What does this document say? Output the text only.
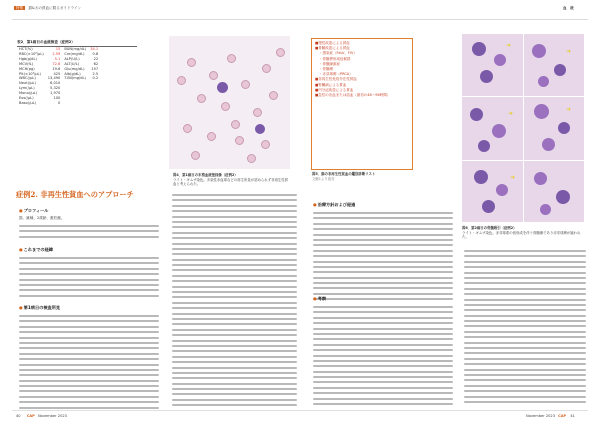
特集 猫&犬の貧血に勝るガイドライン	血　液
表2．第1病日の血液検査（症例2）
HCT(%)	15	BUN(mg/dL)	34.1
RBC(×10⁶/μL)	2.59	Cre(mg/dL)	0.8
Hgb(g/dL)	5.1	ALP(U/L)	22
MCV(fL)	72.6	ALT(U/L)	62
MCH(pg)	19.6	Glu(mg/dL)	157
Plt(×10³/μL)	425	Alb(g/dL)	2.5
WBC(/μL)	13,490	T-Bil(mg/dL)	0.2
Neut(/μL)	6,010		
Lym(/μL)	5,320		
Mono(/μL)	1,970		
Eos(/μL)	100		
Baso(/μL)	0		
図4．第1病日の末梢血液塗抹像（症例2）
ライト・ギムザ染色。多染性赤血球などの再生所見が認められず非再生性貧血と考えられた。
■慢性疾患による貧血
■骨髄疾患による貧血
・感染症（FeLV、FIV）
・骨髄異形成症候群
・骨髄線維症
・骨髄癆
・赤芽球癆（PRCA）
■非再生性免疫介在性貧血
■腎臓病による貧血
■内分泌疾患による貧血
■急性の出血または溶血（最初の48〜96時間）
図5．猫の非再生性貧血の鑑別診断リスト
文献1より改変
➜
➜
➜
➜
➜
図6．第2病日の骨髄吸引（症例2）
ライト・ギムザ染色。赤芽球系の低形成を伴う骨髄像であり赤芽球癆が疑われた。
症例2. 非再生性貧血へのアプローチ
● プロフィール
猫、雑種、2歳齢、避妊雌。
● これまでの経緯
● 第1病日の検査所見
● 治療方針および経過
● 考察
40 CAP November 2023	November 2023 CAP 41
